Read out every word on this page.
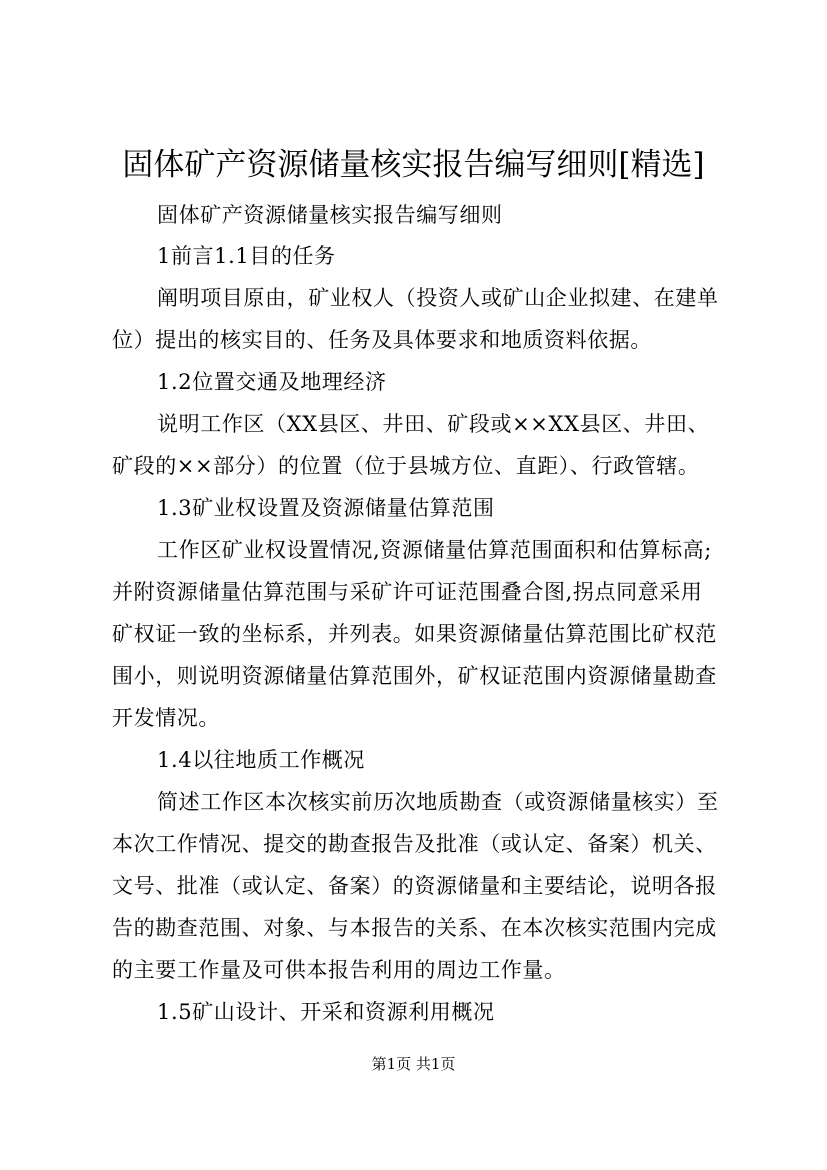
固体矿产资源储量核实报告编写细则[精选]
固体矿产资源储量核实报告编写细则
1前言1.1目的任务
阐明项目原由，矿业权人（投资人或矿山企业拟建、在建单
位）提出的核实目的、任务及具体要求和地质资料依据。
1.2位置交通及地理经济
说明工作区（XX县区、井田、矿段或××XX县区、井田、
矿段的××部分）的位置（位于县城方位、直距）、行政管辖。
1.3矿业权设置及资源储量估算范围
工作区矿业权设置情况,资源储量估算范围面积和估算标高;
并附资源储量估算范围与采矿许可证范围叠合图,拐点同意采用
矿权证一致的坐标系，并列表。如果资源储量估算范围比矿权范
围小，则说明资源储量估算范围外，矿权证范围内资源储量勘查
开发情况。
1.4以往地质工作概况
简述工作区本次核实前历次地质勘查（或资源储量核实）至
本次工作情况、提交的勘查报告及批准（或认定、备案）机关、
文号、批准（或认定、备案）的资源储量和主要结论，说明各报
告的勘查范围、对象、与本报告的关系、在本次核实范围内完成
的主要工作量及可供本报告利用的周边工作量。
1.5矿山设计、开采和资源利用概况
第1页 共1页
